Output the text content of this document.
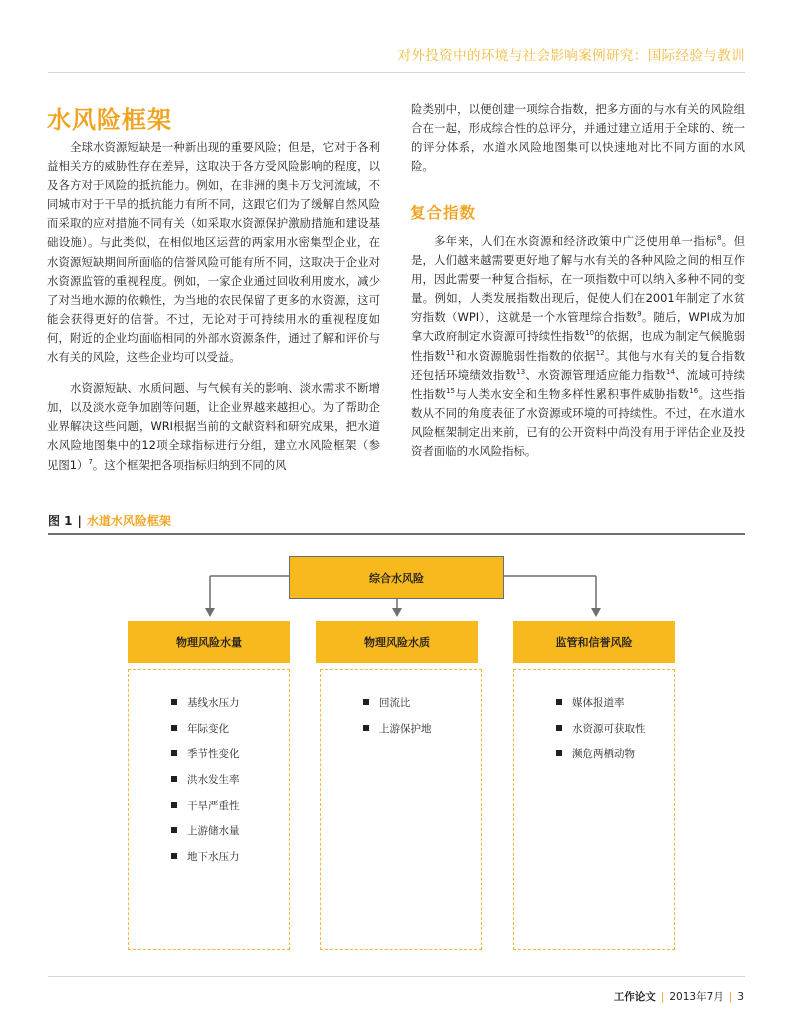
对外投资中的环境与社会影响案例研究：国际经验与教训
水风险框架

全球水资源短缺是一种新出现的重要风险；但是，它对于各利益相关方的威胁性存在差异，这取决于各方受风险影响的程度，以及各方对于风险的抵抗能力。例如，在非洲的奥卡万戈河流域，不同城市对于干旱的抵抗能力有所不同，这跟它们为了缓解自然风险而采取的应对措施不同有关（如采取水资源保护激励措施和建设基础设施）。与此类似，在相似地区运营的两家用水密集型企业，在水资源短缺期间所面临的信誉风险可能有所不同，这取决于企业对水资源监管的重视程度。例如，一家企业通过回收利用废水，减少了对当地水源的依赖性，为当地的农民保留了更多的水资源，这可能会获得更好的信誉。不过，无论对于可持续用水的重视程度如何，附近的企业均面临相同的外部水资源条件，通过了解和评价与水有关的风险，这些企业均可以受益。

水资源短缺、水质问题、与气候有关的影响、淡水需求不断增加，以及淡水竞争加剧等问题，让企业界越来越担心。为了帮助企业界解决这些问题，WRI根据当前的文献资料和研究成果，把水道水风险地图集中的12项全球指标进行分组，建立水风险框架（参见图1）$^7$。这个框架把各项指标归纳到不同的风

险类别中，以便创建一项综合指数，把多方面的与水有关的风险组合在一起，形成综合性的总评分，并通过建立适用于全球的、统一的评分体系，水道水风险地图集可以快速地对比不同方面的水风险。

复合指数

多年来，人们在水资源和经济政策中广泛使用单一指标$^8$。但是，人们越来越需要更好地了解与水有关的各种风险之间的相互作用，因此需要一种复合指标，在一项指数中可以纳入多种不同的变量。例如，人类发展指数出现后，促使人们在2001年制定了水贫穷指数（WPI），这就是一个水管理综合指数$^9$。随后，WPI成为加拿大政府制定水资源可持续性指数$^{10}$的依据，也成为制定气候脆弱性指数$^{11}$和水资源脆弱性指数的依据$^{12}$。其他与水有关的复合指数还包括环境绩效指数$^{13}$、水资源管理适应能力指数$^{14}$、流域可持续性指数$^{15}$与人类水安全和生物多样性累积事件威胁指数$^{16}$。这些指数从不同的角度表征了水资源或环境的可持续性。不过，在水道水风险框架制定出来前，已有的公开资料中尚没有用于评估企业及投资者面临的水风险指标。

图 1 | 水道水风险框架
综合水风险
物理风险水量	物理风险水质	监管和信誉风险
基线水压力
年际变化
季节性变化
洪水发生率
干旱严重性
上游储水量
地下水压力
回流比
上游保护地
媒体报道率
水资源可获取性
濒危两栖动物
工作论文 | 2013年7月 | 3
